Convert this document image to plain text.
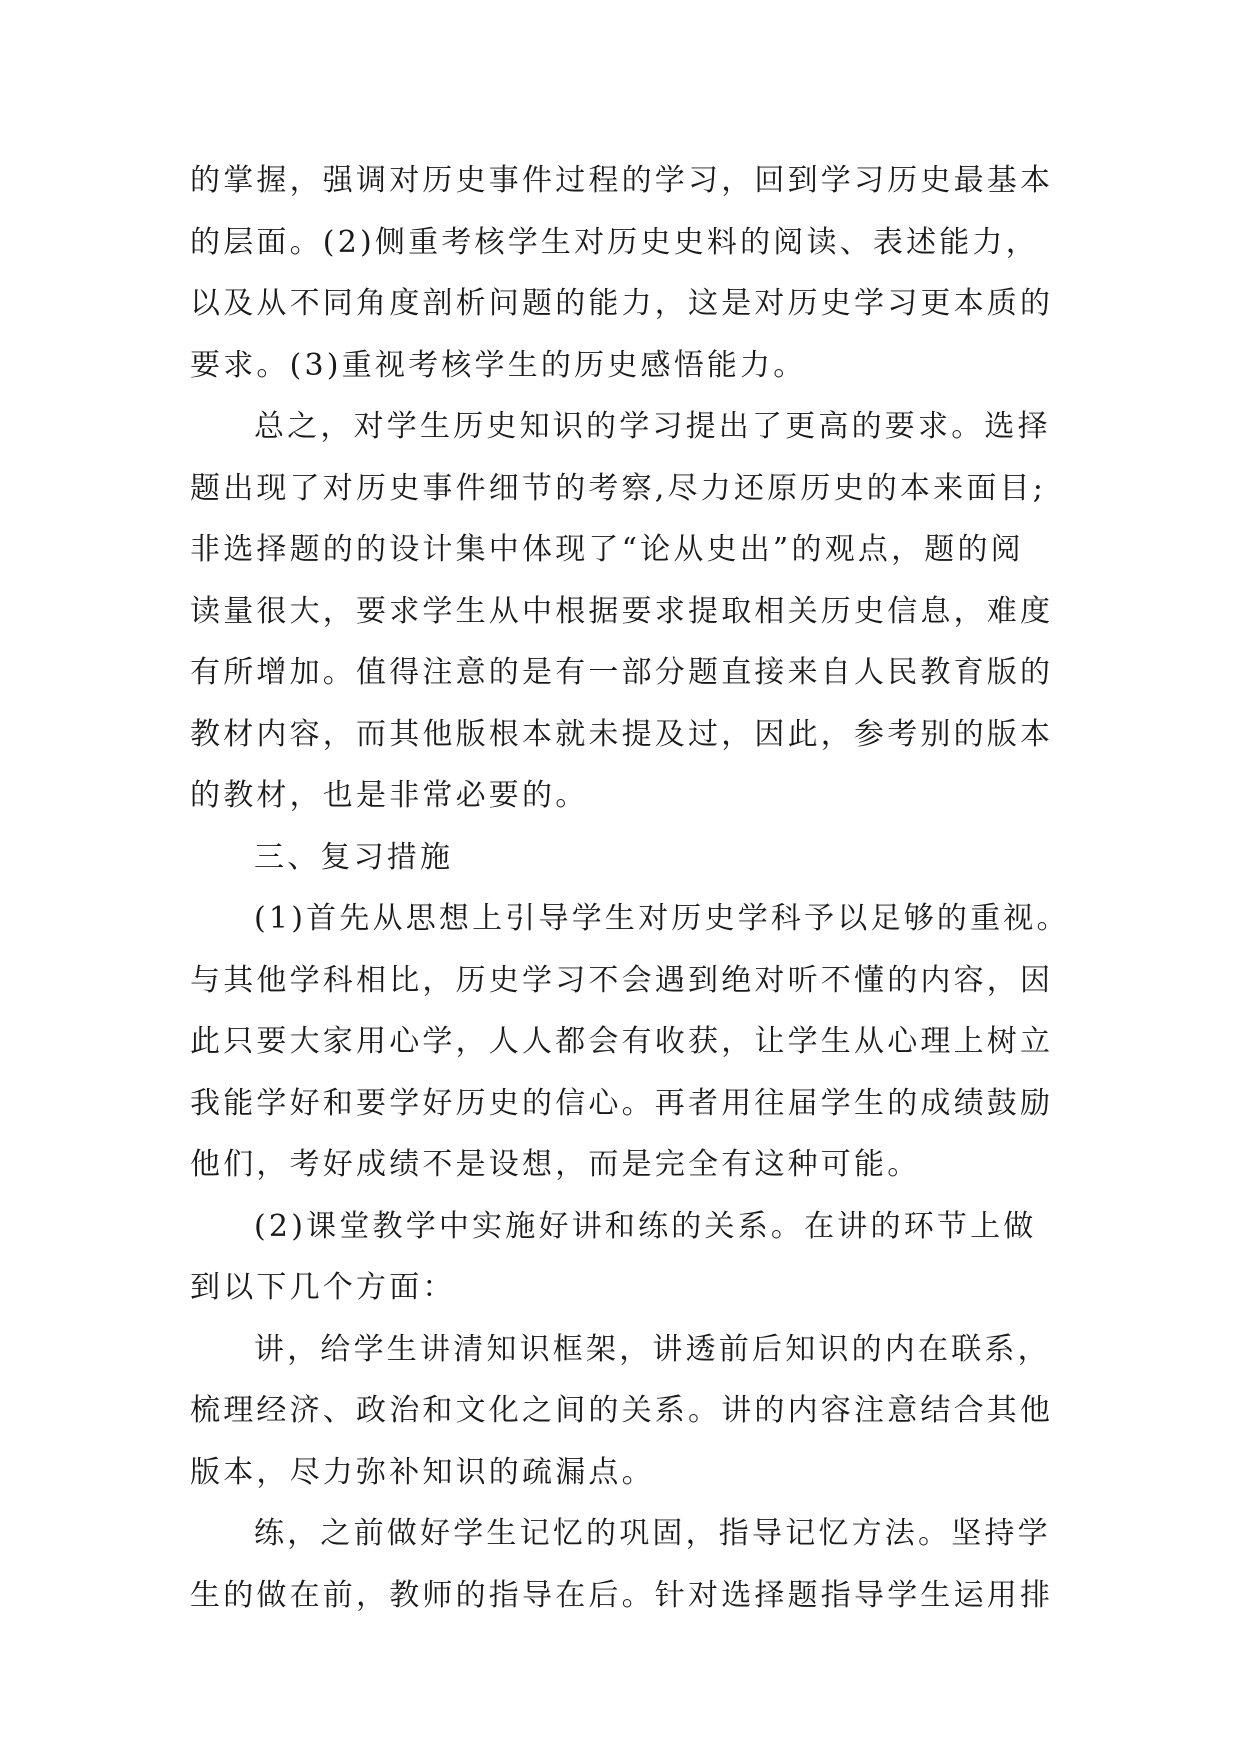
的掌握，强调对历史事件过程的学习，回到学习历史最基本
的层面。(2)侧重考核学生对历史史料的阅读、表述能力，
以及从不同角度剖析问题的能力，这是对历史学习更本质的
要求。(3)重视考核学生的历史感悟能力。
总之，对学生历史知识的学习提出了更高的要求。选择
题出现了对历史事件细节的考察,尽力还原历史的本来面目;
非选择题的的设计集中体现了“论从史出”的观点，题的阅
读量很大，要求学生从中根据要求提取相关历史信息，难度
有所增加。值得注意的是有一部分题直接来自人民教育版的
教材内容，而其他版根本就未提及过，因此，参考别的版本
的教材，也是非常必要的。
三、复习措施
(1)首先从思想上引导学生对历史学科予以足够的重视。
与其他学科相比，历史学习不会遇到绝对听不懂的内容，因
此只要大家用心学，人人都会有收获，让学生从心理上树立
我能学好和要学好历史的信心。再者用往届学生的成绩鼓励
他们，考好成绩不是设想，而是完全有这种可能。
(2)课堂教学中实施好讲和练的关系。在讲的环节上做
到以下几个方面：
讲，给学生讲清知识框架，讲透前后知识的内在联系，
梳理经济、政治和文化之间的关系。讲的内容注意结合其他
版本，尽力弥补知识的疏漏点。
练，之前做好学生记忆的巩固，指导记忆方法。坚持学
生的做在前，教师的指导在后。针对选择题指导学生运用排
